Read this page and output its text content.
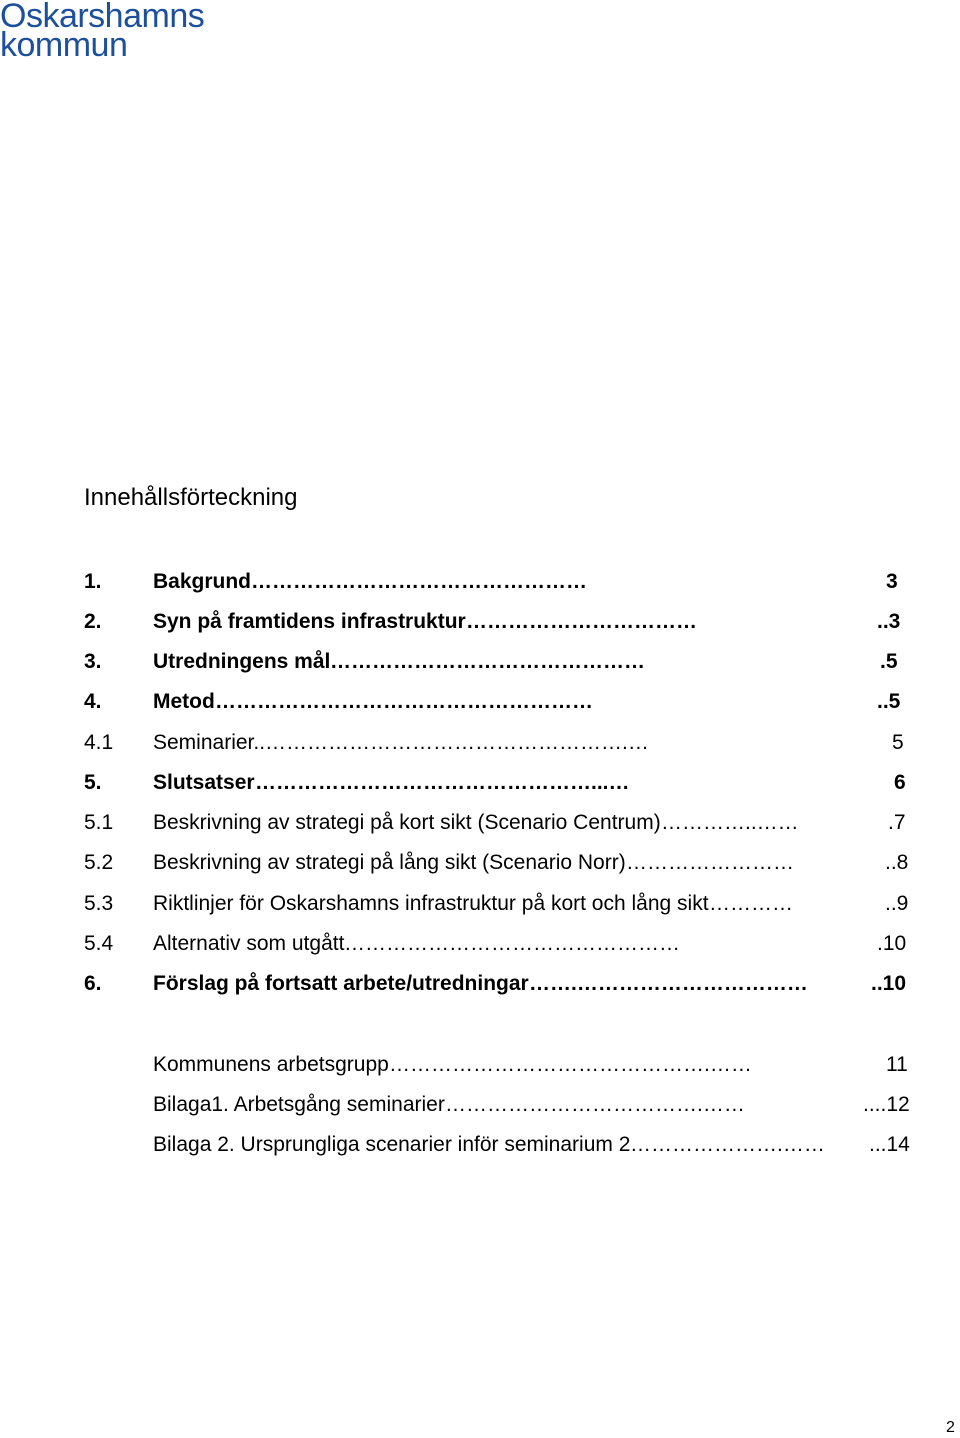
Oskarshamns
kommun
Innehållsförteckning
1. Bakgrund …………………………………………	3
2. Syn på framtidens infrastruktur ……………………………	..3
3. Utredningens mål ………………………………………	.5
4. Metod ………………………………………………	..5
4.1 Seminarier.. …………………………………………….…	5
5. Slutsatser …………………………………………...…	6
5.1 Beskrivning av strategi på kort sikt (Scenario Centrum) …………..……	.7
5.2 Beskrivning av strategi på lång sikt (Scenario Norr) ……………………	..8
5.3 Riktlinjer för Oskarshamns infrastruktur på kort och lång sikt …………	..9
5.4 Alternativ som utgått …………………………………………	.10
6. Förslag på fortsatt arbete/utredningar …….……………………………	..10
Kommunens arbetsgrupp ……………………………………….……	11
Bilaga1. Arbetsgång seminarier ……………………………….……	....12
Bilaga 2. Ursprungliga scenarier inför seminarium 2 ………………….……	...14
2
